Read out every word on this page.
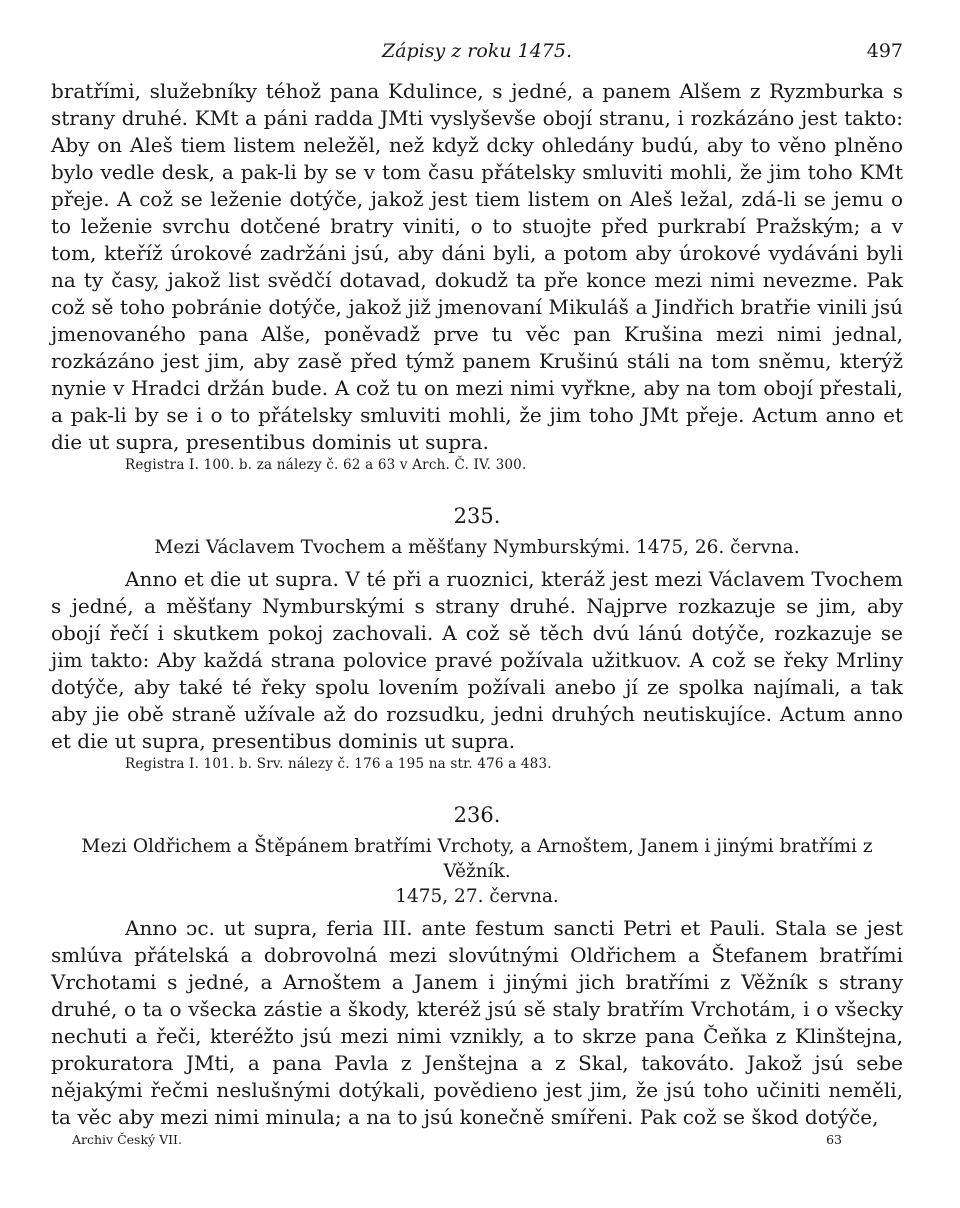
Zápisy z roku 1475.	497

bratřími, služebníky téhož pana Kdulince, s jedné, a panem Alšem z Ryzmburka s strany druhé. KMt a páni radda JMti vyslyševše obojí stranu, i rozkázáno jest takto: Aby on Aleš tiem listem neležěl, než když dcky ohledány budú, aby to věno plněno bylo vedle desk, a pak-li by se v tom času přátelsky smluviti mohli, že jim toho KMt přeje. A což se leženie dotýče, jakož jest tiem listem on Aleš ležal, zdá-li se jemu o to leženie svrchu dotčené bratry viniti, o to stuojte před purkrabí Pražským; a v tom, kteříž úrokové zadržáni jsú, aby dáni byli, a potom aby úrokové vydáváni byli na ty časy, jakož list svědčí dotavad, dokudž ta pře konce mezi nimi nevezme. Pak což sě toho pobránie dotýče, jakož již jmenovaní Mikuláš a Jindřich bratřie vinili jsú jmenovaného pana Alše, poněvadž prve tu věc pan Krušina mezi nimi jednal, rozkázáno jest jim, aby zasě před týmž panem Krušinú stáli na tom sněmu, kterýž nynie v Hradci držán bude. A což tu on mezi nimi vyřkne, aby na tom obojí přestali, a pak-li by se i o to přátelsky smluviti mohli, že jim toho JMt přeje. Actum anno et die ut supra, presentibus dominis ut supra.

Registra I. 100. b. za nálezy č. 62 a 63 v Arch. Č. IV. 300.
235.
Mezi Václavem Tvochem a měšťany Nymburskými. 1475, 26. června.

Anno et die ut supra. V té při a ruoznici, kteráž jest mezi Václavem Tvochem s jedné, a měšťany Nymburskými s strany druhé. Najprve rozkazuje se jim, aby obojí řečí i skutkem pokoj zachovali. A což sě těch dvú lánú dotýče, rozkazuje se jim takto: Aby každá strana polovice pravé požívala užitkuov. A což se řeky Mrliny dotýče, aby také té řeky spolu lovením požívali anebo jí ze spolka najímali, a tak aby jie obě straně užívale až do rozsudku, jedni druhých neutiskujíce. Actum anno et die ut supra, presentibus dominis ut supra.

Registra I. 101. b. Srv. nálezy č. 176 a 195 na str. 476 a 483.
236.
Mezi Oldřichem a Štěpánem bratřími Vrchoty, a Arnoštem, Janem i jinými bratřími z Věžník.
1475, 27. června.

Anno ᴐc. ut supra, feria III. ante festum sancti Petri et Pauli. Stala se jest smlúva přátelská a dobrovolná mezi slovútnými Oldřichem a Štefanem bratřími Vrchotami s jedné, a Arnoštem a Janem i jinými jich bratřími z Věžník s strany druhé, o ta o všecka zástie a škody, kteréž jsú sě staly bratřím Vrchotám, i o všecky nechuti a řeči, kteréžto jsú mezi nimi vznikly, a to skrze pana Čeňka z Klinštejna, prokuratora JMti, a pana Pavla z Jenštejna a z Skal, takováto. Jakož jsú sebe nějakými řečmi neslušnými dotýkali, povědieno jest jim, že jsú toho učiniti neměli, ta věc aby mezi nimi minula; a na to jsú konečně smířeni. Pak což se škod dotýče,

Archiv Český VII.	63
